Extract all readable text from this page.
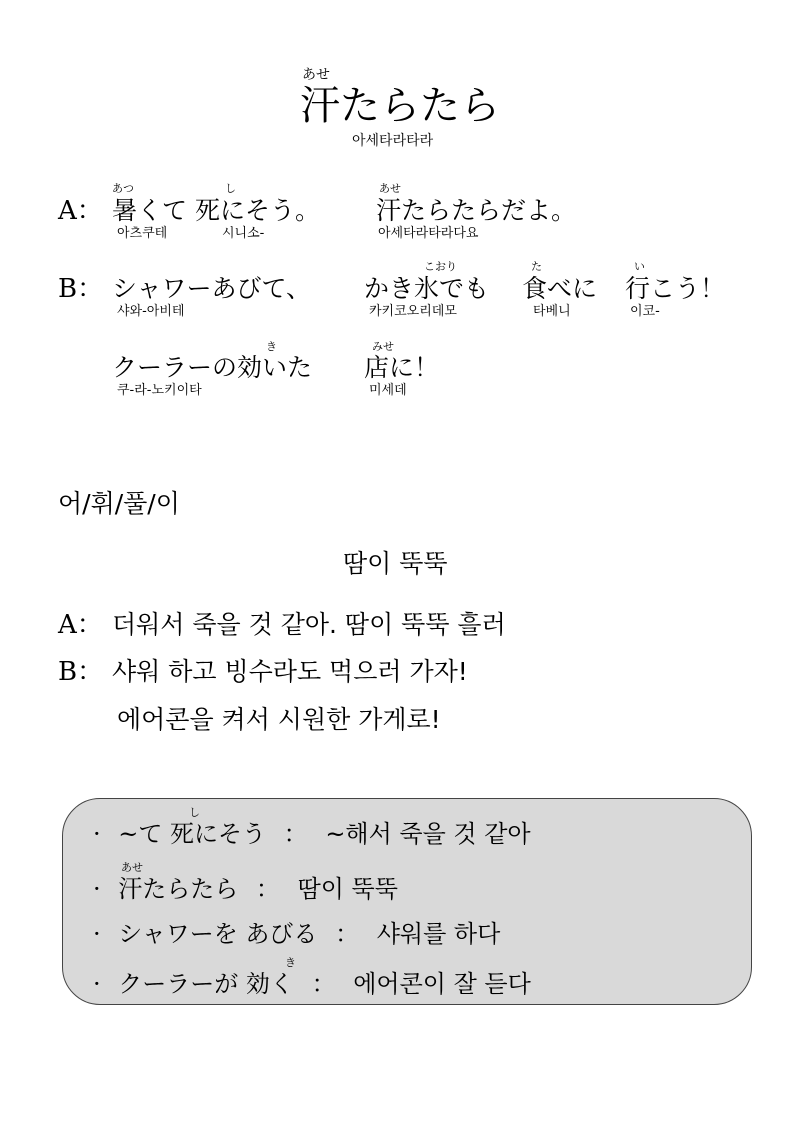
あせ
汗たらたら
아세타라타라
あつ	し	あせ
A： 暑くて 死にそう。 汗たらたらだよ。
아츠쿠테	시니소-	아세타라타라다요
こおり	た	い
B： シャワーあびて、 かき氷でも 食べに 行こう！
샤와-아비테	카키코오리데모	타베니	이코-
き	みせ
クーラーの効いた 店に！
쿠-라-노키이타	미세데
어/휘/풀/이
땀이 뚝뚝
A： 더워서 죽을 것 같아. 땀이 뚝뚝 흘러
B： 샤워 하고 빙수라도 먹으러 가자!
에어콘을 켜서 시원한 가게로!
し
· ~て 死にそう ： ~해서 죽을 것 같아
あせ
· 汗たらたら ： 땀이 뚝뚝
· シャワーを あびる ： 샤워를 하다
き
· クーラーが 効く ： 에어콘이 잘 듣다
